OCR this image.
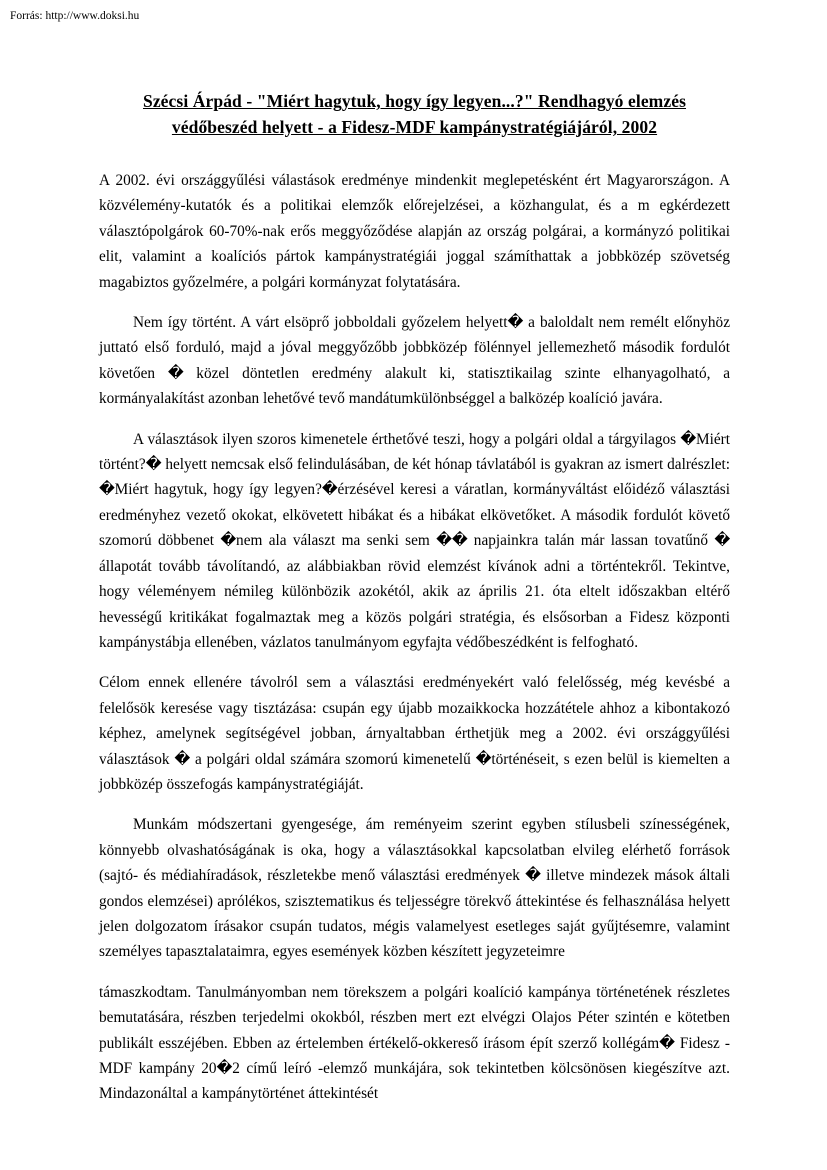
Forrás: http://www.doksi.hu
Szécsi Árpád - "Miért hagytuk, hogy így legyen...?" Rendhagyó elemzés védőbeszéd helyett - a Fidesz-MDF kampánystratégiájáról, 2002

A 2002. évi országgyűlési válastások eredménye mindenkit meglepetésként ért Magyarországon. A közvélemény-kutatók és a politikai elemzők előrejelzései, a közhangulat, és a m egkérdezett választópolgárok 60-70%-nak erős meggyőződése alapján az ország polgárai, a kormányzó politikai elit, valamint a koalíciós pártok kampánystratégiái joggal számíthattak a jobbközép szövetség magabiztos győzelmére, a polgári kormányzat folytatására.

Nem így történt. A várt elsöprő jobboldali győzelem helyett� a baloldalt nem remélt előnyhöz juttató első forduló, majd a jóval meggyőzőbb jobbközép fölénnyel jellemezhető második fordulót követően � közel döntetlen eredmény alakult ki, statisztikailag szinte elhanyagolható, a kormányalakítást azonban lehetővé tevő mandátumkülönbséggel a balközép koalíció javára.

A választások ilyen szoros kimenetele érthetővé teszi, hogy a polgári oldal a tárgyilagos �Miért történt?� helyett nemcsak első felindulásában, de két hónap távlatából is gyakran az ismert dalrészlet: �Miért hagytuk, hogy így legyen?�érzésével keresi a váratlan, kormányváltást előidéző választási eredményhez vezető okokat, elkövetett hibákat és a hibákat elkövetőket. A második fordulót követő szomorú döbbenet �nem ala választ ma senki sem �� napjainkra talán már lassan tovatűnő � állapotát tovább távolítandó, az alábbiakban rövid elemzést kívánok adni a történtekről. Tekintve, hogy véleményem némileg különbözik azokétól, akik az április 21. óta eltelt időszakban eltérő hevességű kritikákat fogalmaztak meg a közös polgári stratégia, és elsősorban a Fidesz központi kampánystábja ellenében, vázlatos tanulmányom egyfajta védőbeszédként is felfogható.

Célom ennek ellenére távolról sem a választási eredményekért való felelősség, még kevésbé a felelősök keresése vagy tisztázása: csupán egy újabb mozaikkocka hozzátétele ahhoz a kibontakozó képhez, amelynek segítségével jobban, árnyaltabban érthetjük meg a 2002. évi országgyűlési választások � a polgári oldal számára szomorú kimenetelű �történéseit, s ezen belül is kiemelten a jobbközép összefogás kampánystratégiáját.

Munkám módszertani gyengesége, ám reményeim szerint egyben stílusbeli színességének, könnyebb olvashatóságának is oka, hogy a választásokkal kapcsolatban elvileg elérhető források (sajtó- és médiahíradások, részletekbe menő választási eredmények � illetve mindezek mások általi gondos elemzései) aprólékos, szisztematikus és teljességre törekvő áttekintése és felhasználása helyett jelen dolgozatom írásakor csupán tudatos, mégis valamelyest esetleges saját gyűjtésemre, valamint személyes tapasztalataimra, egyes események közben készített jegyzeteimre

támaszkodtam. Tanulmányomban nem törekszem a polgári koalíció kampánya történetének részletes bemutatására, részben terjedelmi okokból, részben mert ezt elvégzi Olajos Péter szintén e kötetben publikált esszéjében. Ebben az értelemben értékelő-okkereső írásom épít szerző kollégám� Fidesz -MDF kampány 20�2 című leíró -elemző munkájára, sok tekintetben kölcsönösen kiegészítve azt. Mindazonáltal a kampánytörténet áttekintését
